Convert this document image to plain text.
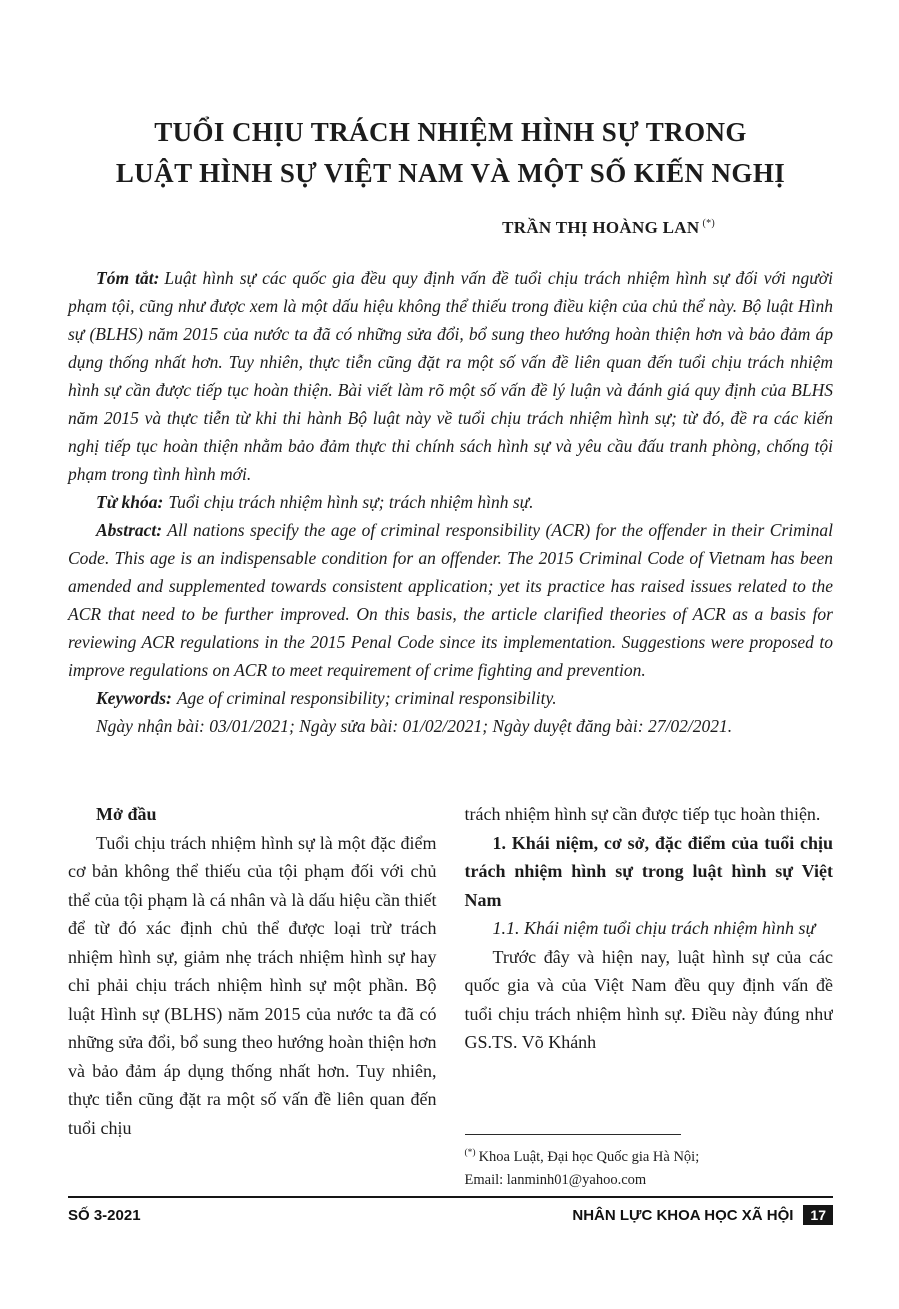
TUỔI CHỊU TRÁCH NHIỆM HÌNH SỰ TRONG
LUẬT HÌNH SỰ VIỆT NAM VÀ MỘT SỐ KIẾN NGHỊ
TRẦN THỊ HOÀNG LAN (*)

Tóm tắt: Luật hình sự các quốc gia đều quy định vấn đề tuổi chịu trách nhiệm hình sự đối với người phạm tội, cũng như được xem là một dấu hiệu không thể thiếu trong điều kiện của chủ thể này. Bộ luật Hình sự (BLHS) năm 2015 của nước ta đã có những sửa đổi, bổ sung theo hướng hoàn thiện hơn và bảo đảm áp dụng thống nhất hơn. Tuy nhiên, thực tiễn cũng đặt ra một số vấn đề liên quan đến tuổi chịu trách nhiệm hình sự cần được tiếp tục hoàn thiện. Bài viết làm rõ một số vấn đề lý luận và đánh giá quy định của BLHS năm 2015 và thực tiễn từ khi thi hành Bộ luật này về tuổi chịu trách nhiệm hình sự; từ đó, đề ra các kiến nghị tiếp tục hoàn thiện nhằm bảo đảm thực thi chính sách hình sự và yêu cầu đấu tranh phòng, chống tội phạm trong tình hình mới.

Từ khóa: Tuổi chịu trách nhiệm hình sự; trách nhiệm hình sự.

Abstract: All nations specify the age of criminal responsibility (ACR) for the offender in their Criminal Code. This age is an indispensable condition for an offender. The 2015 Criminal Code of Vietnam has been amended and supplemented towards consistent application; yet its practice has raised issues related to the ACR that need to be further improved. On this basis, the article clarified theories of ACR as a basis for reviewing ACR regulations in the 2015 Penal Code since its implementation. Suggestions were proposed to improve regulations on ACR to meet requirement of crime fighting and prevention.

Keywords: Age of criminal responsibility; criminal responsibility.

Ngày nhận bài: 03/01/2021; Ngày sửa bài: 01/02/2021; Ngày duyệt đăng bài: 27/02/2021.

Mở đầu

Tuổi chịu trách nhiệm hình sự là một đặc điểm cơ bản không thể thiếu của tội phạm đối với chủ thể của tội phạm là cá nhân và là dấu hiệu cần thiết để từ đó xác định chủ thể được loại trừ trách nhiệm hình sự, giảm nhẹ trách nhiệm hình sự hay chỉ phải chịu trách nhiệm hình sự một phần. Bộ luật Hình sự (BLHS) năm 2015 của nước ta đã có những sửa đổi, bổ sung theo hướng hoàn thiện hơn và bảo đảm áp dụng thống nhất hơn. Tuy nhiên, thực tiễn cũng đặt ra một số vấn đề liên quan đến tuổi chịu

trách nhiệm hình sự cần được tiếp tục hoàn thiện.

1. Khái niệm, cơ sở, đặc điểm của tuổi chịu trách nhiệm hình sự trong luật hình sự Việt Nam

1.1. Khái niệm tuổi chịu trách nhiệm hình sự

Trước đây và hiện nay, luật hình sự của các quốc gia và của Việt Nam đều quy định vấn đề tuổi chịu trách nhiệm hình sự. Điều này đúng như GS.TS. Võ Khánh

(*) Khoa Luật, Đại học Quốc gia Hà Nội;
Email: lanminh01@yahoo.com
SỐ 3-2021	NHÂN LỰC KHOA HỌC XÃ HỘI	17
